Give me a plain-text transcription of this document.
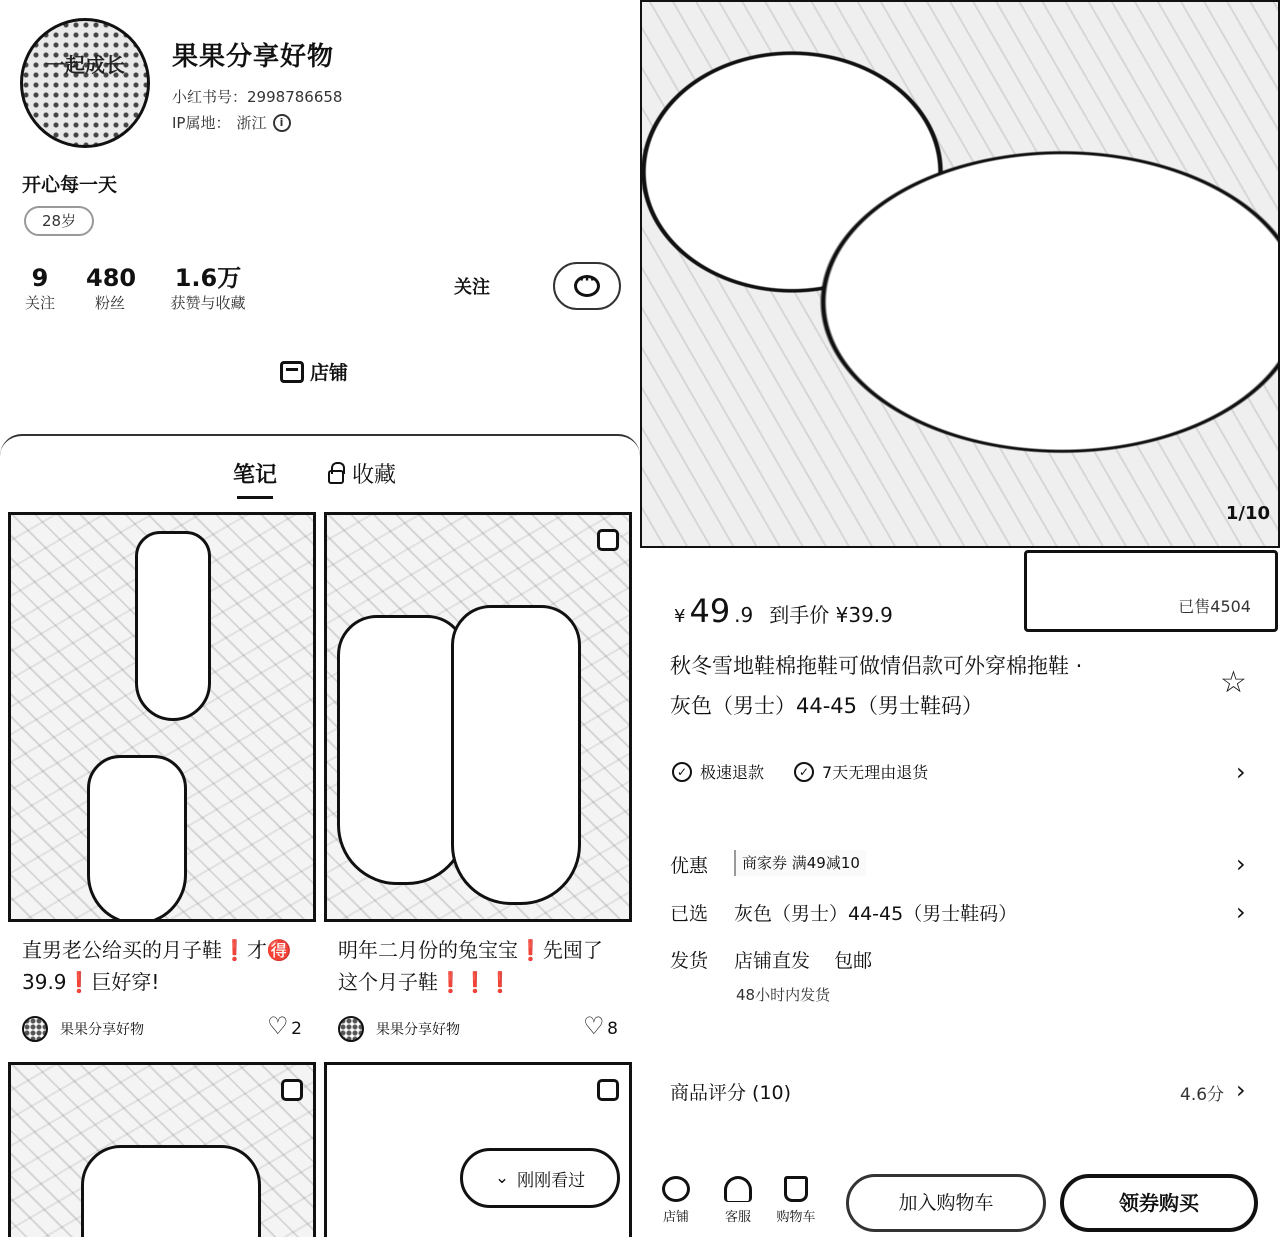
一起成长	果果分享好物
小红书号：2998786658
IP属地： 浙江	i
开心每一天
28岁
9
关注
480
粉丝
1.6万
获赞与收藏
关注
···
店铺
笔记	收藏
直男老公给买的月子鞋❗️才🉐39.9❗️巨好穿!
果果分享好物 ♡	2
明年二月份的兔宝宝❗️先囤了这个月子鞋❗️❗️❗️
果果分享好物 ♡	8
⌄ 刚刚看过
1/10
已售4504
¥ 49 .9 到手价 ¥39.9
秋冬雪地鞋棉拖鞋可做情侣款可外穿棉拖鞋 ·
灰色（男士）44-45（男士鞋码）
☆
✓ 极速退款	✓ 7天无理由退货	›
优惠	商家券 满49减10	›
已选 灰色（男士）44-45（男士鞋码）	›
发货 店铺直发    包邮
48小时内发货
商品评分 (10)	4.6分 ›
店铺	客服	购物车
加入购物车	领券购买
